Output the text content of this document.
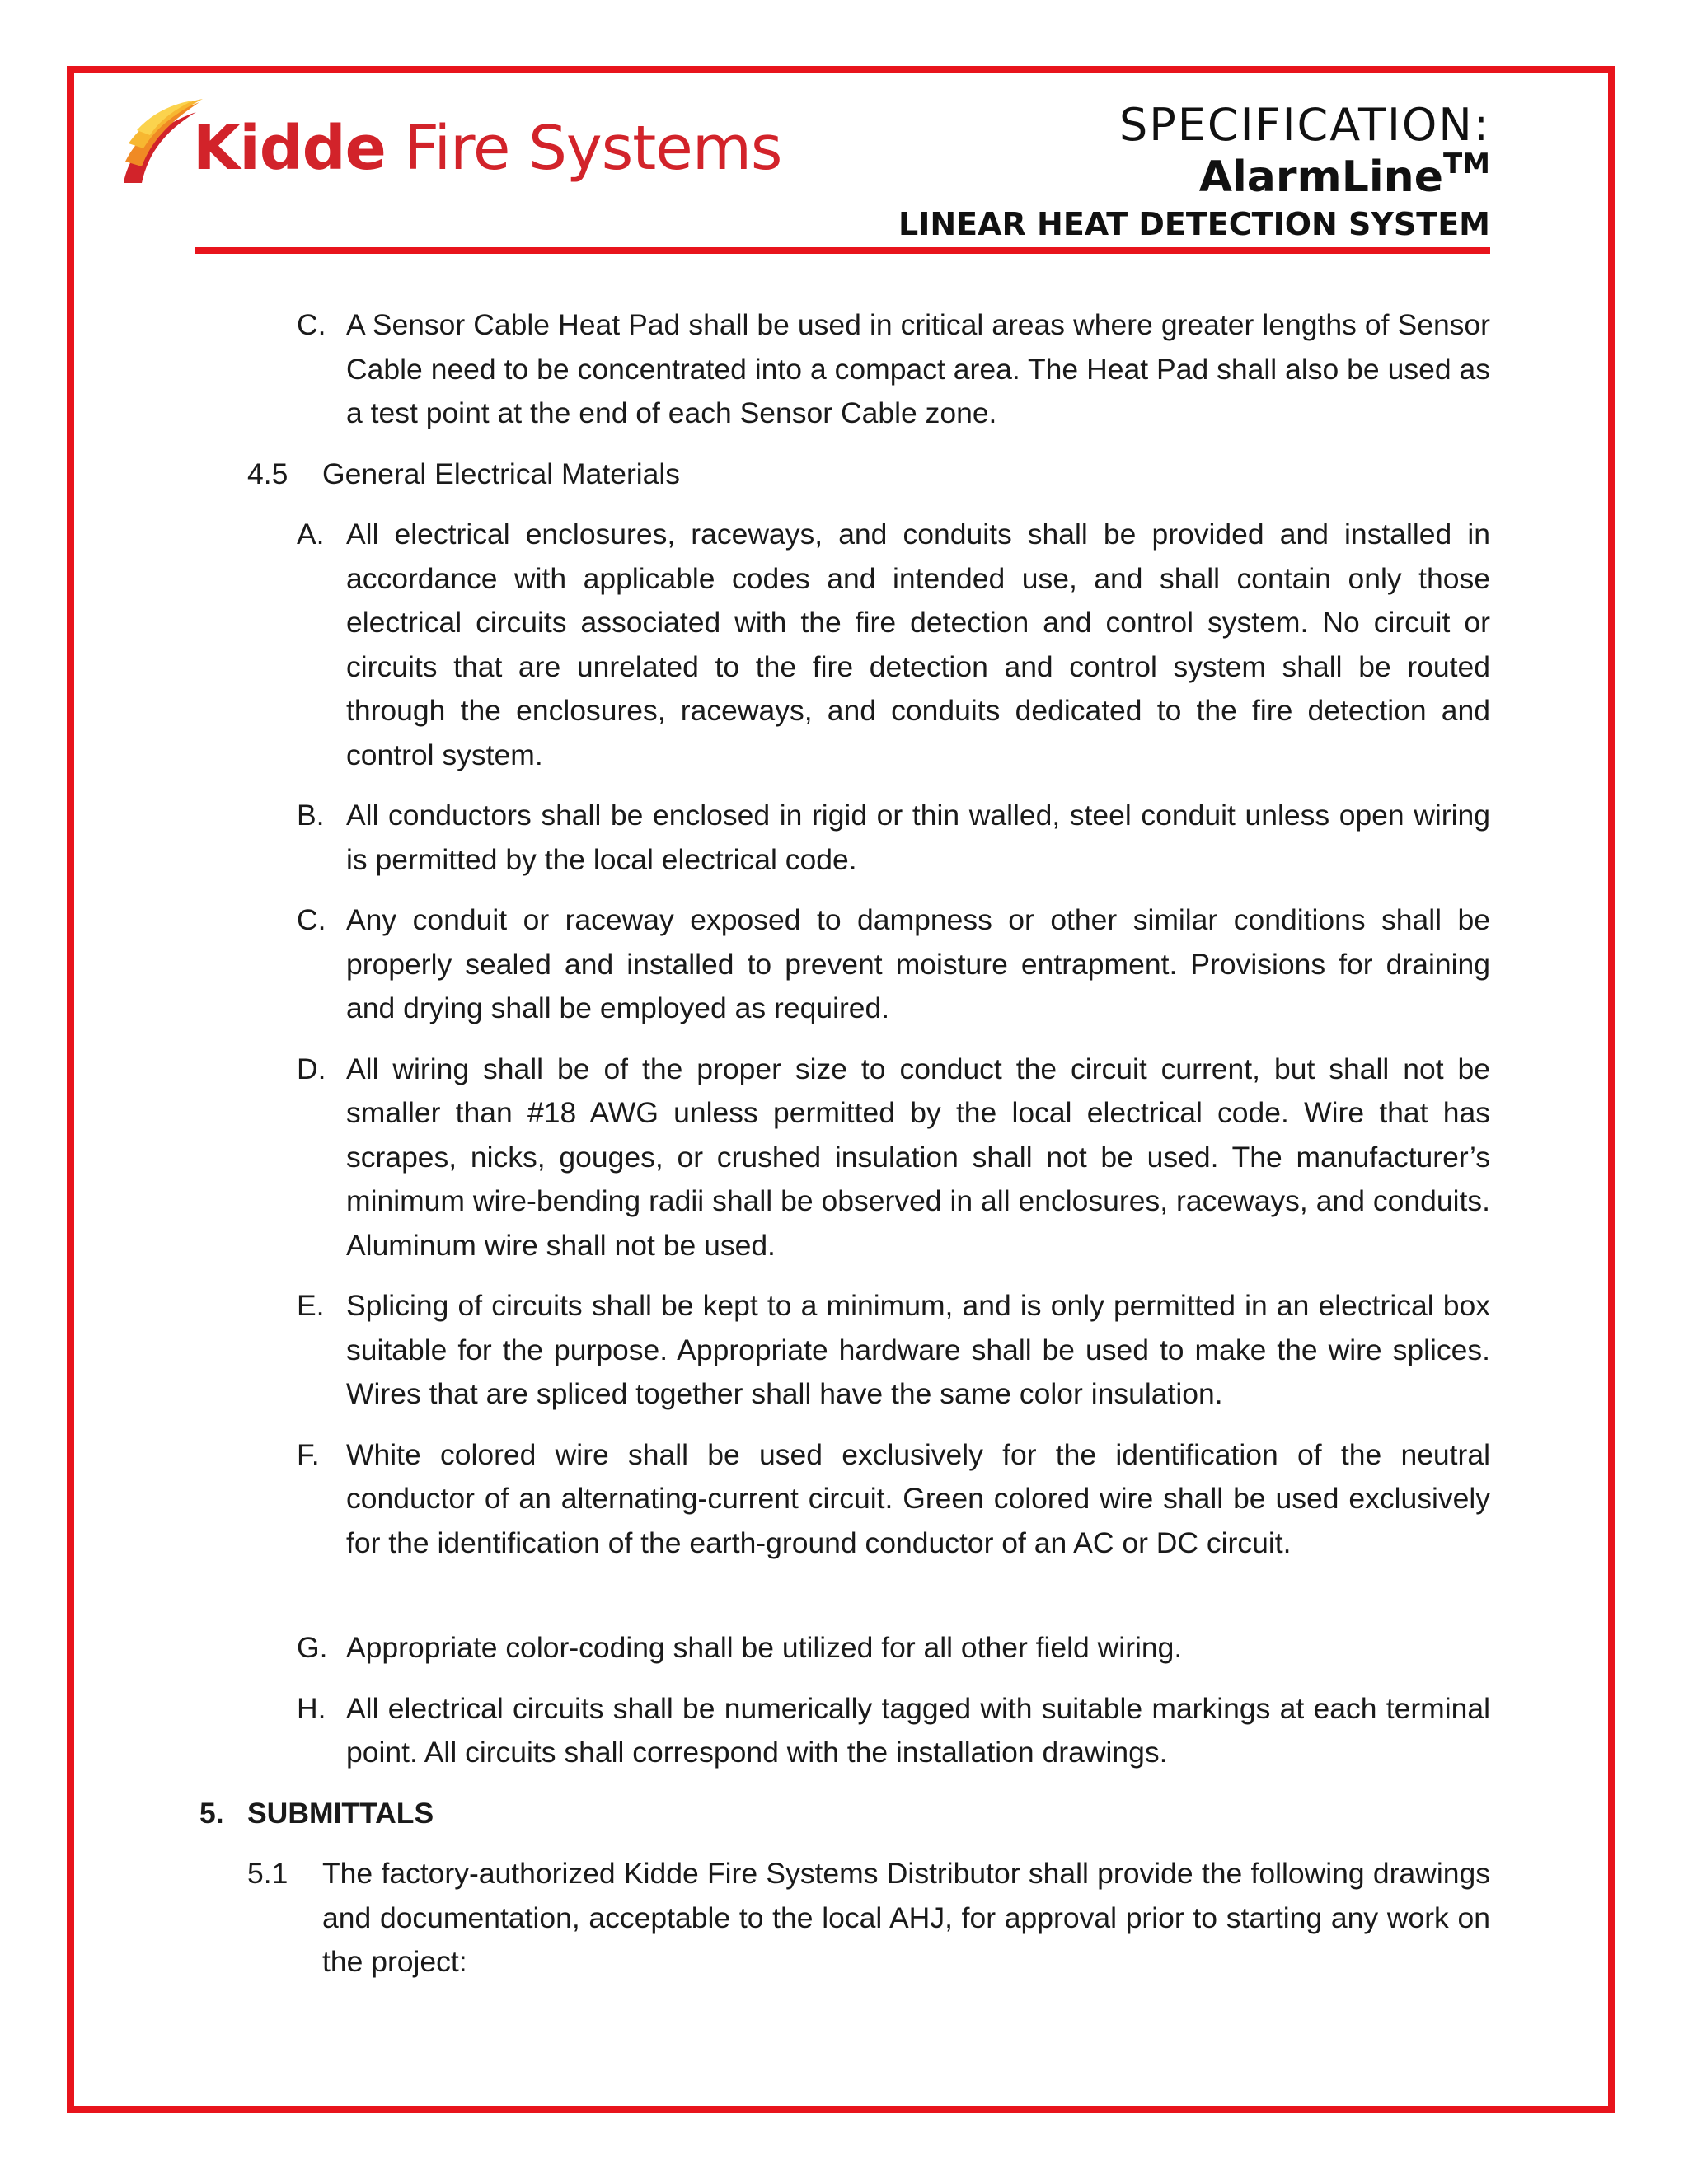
Kidde Fire Systems	SPECIFICATION:
AlarmLine™
LINEAR HEAT DETECTION SYSTEM
C. A Sensor Cable Heat Pad shall be used in critical areas where greater lengths of Sensor Cable need to be concentrated into a compact area. The Heat Pad shall also be used as a test point at the end of each Sensor Cable zone.
4.5 General Electrical Materials
A. All electrical enclosures, raceways, and conduits shall be provided and installed in accordance with applicable codes and intended use, and shall contain only those electrical circuits associated with the fire detection and control system. No circuit or circuits that are unrelated to the fire detection and control system shall be routed through the enclosures, raceways, and conduits dedicated to the fire detection and control system.
B. All conductors shall be enclosed in rigid or thin walled, steel conduit unless open wiring is permitted by the local electrical code.
C. Any conduit or raceway exposed to dampness or other similar conditions shall be properly sealed and installed to prevent moisture entrapment. Provisions for draining and drying shall be employed as required.
D. All wiring shall be of the proper size to conduct the circuit current, but shall not be smaller than #18 AWG unless permitted by the local electrical code. Wire that has scrapes, nicks, gouges, or crushed insulation shall not be used. The manufacturer’s minimum wire-bending radii shall be observed in all enclosures, raceways, and conduits. Aluminum wire shall not be used.
E. Splicing of circuits shall be kept to a minimum, and is only permitted in an electrical box suitable for the purpose. Appropriate hardware shall be used to make the wire splices. Wires that are spliced together shall have the same color insulation.
F. White colored wire shall be used exclusively for the identification of the neutral conductor of an alternating-current circuit. Green colored wire shall be used exclusively for the identification of the earth-ground conductor of an AC or DC circuit.
G. Appropriate color-coding shall be utilized for all other field wiring.
H. All electrical circuits shall be numerically tagged with suitable markings at each terminal point. All circuits shall correspond with the installation drawings.
5. SUBMITTALS
5.1 The factory-authorized Kidde Fire Systems Distributor shall provide the following drawings and documentation, acceptable to the local AHJ, for approval prior to starting any work on the project:
